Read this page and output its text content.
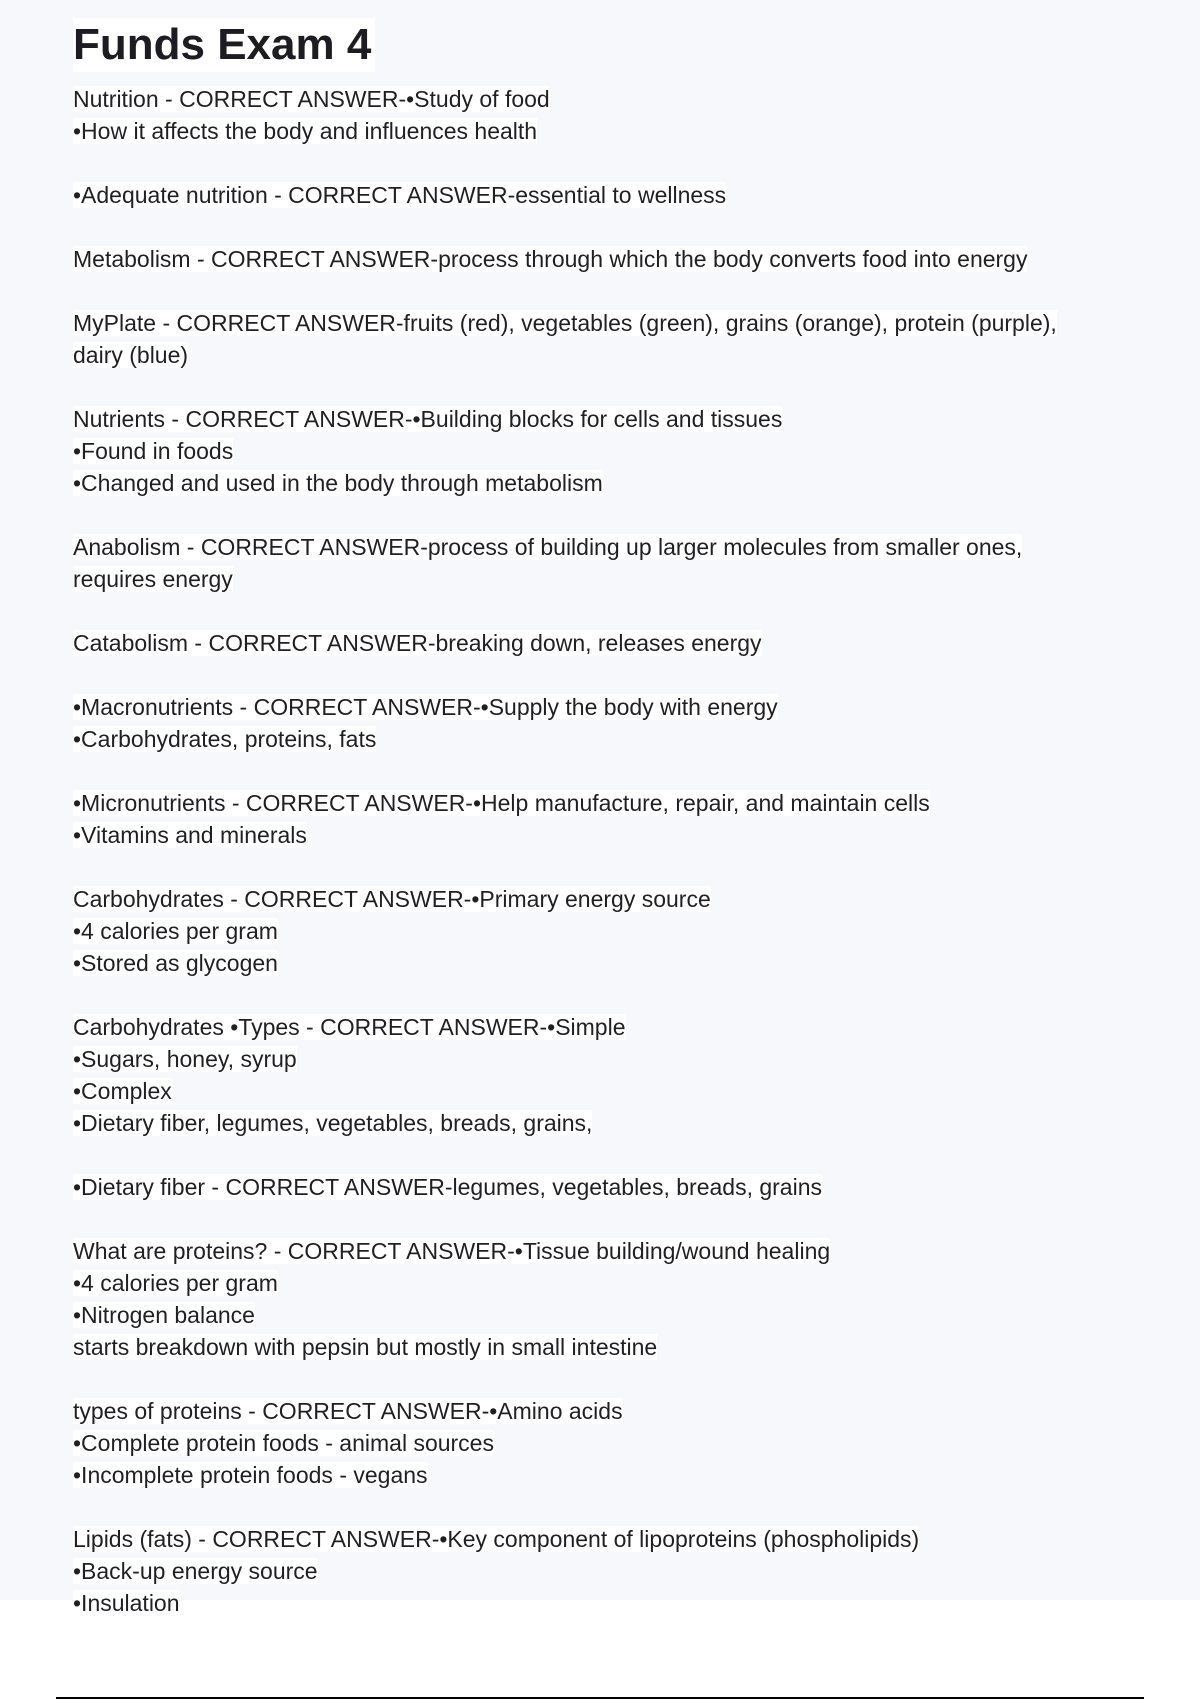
Funds Exam 4
Nutrition - CORRECT ANSWER-•Study of food
•How it affects the body and influences health
•Adequate nutrition - CORRECT ANSWER-essential to wellness
Metabolism - CORRECT ANSWER-process through which the body converts food into energy
MyPlate - CORRECT ANSWER-fruits (red), vegetables (green), grains (orange), protein (purple),
dairy (blue)
Nutrients - CORRECT ANSWER-•Building blocks for cells and tissues
•Found in foods
•Changed and used in the body through metabolism
Anabolism - CORRECT ANSWER-process of building up larger molecules from smaller ones,
requires energy
Catabolism - CORRECT ANSWER-breaking down, releases energy
•Macronutrients - CORRECT ANSWER-•Supply the body with energy
•Carbohydrates, proteins, fats
•Micronutrients - CORRECT ANSWER-•Help manufacture, repair, and maintain cells
•Vitamins and minerals
Carbohydrates - CORRECT ANSWER-•Primary energy source
•4 calories per gram
•Stored as glycogen
Carbohydrates •Types - CORRECT ANSWER-•Simple
•Sugars, honey, syrup
•Complex
•Dietary fiber, legumes, vegetables, breads, grains,
•Dietary fiber - CORRECT ANSWER-legumes, vegetables, breads, grains
What are proteins? - CORRECT ANSWER-•Tissue building/wound healing
•4 calories per gram
•Nitrogen balance
starts breakdown with pepsin but mostly in small intestine
types of proteins - CORRECT ANSWER-•Amino acids
•Complete protein foods - animal sources
•Incomplete protein foods - vegans
Lipids (fats) - CORRECT ANSWER-•Key component of lipoproteins (phospholipids)
•Back-up energy source
•Insulation
